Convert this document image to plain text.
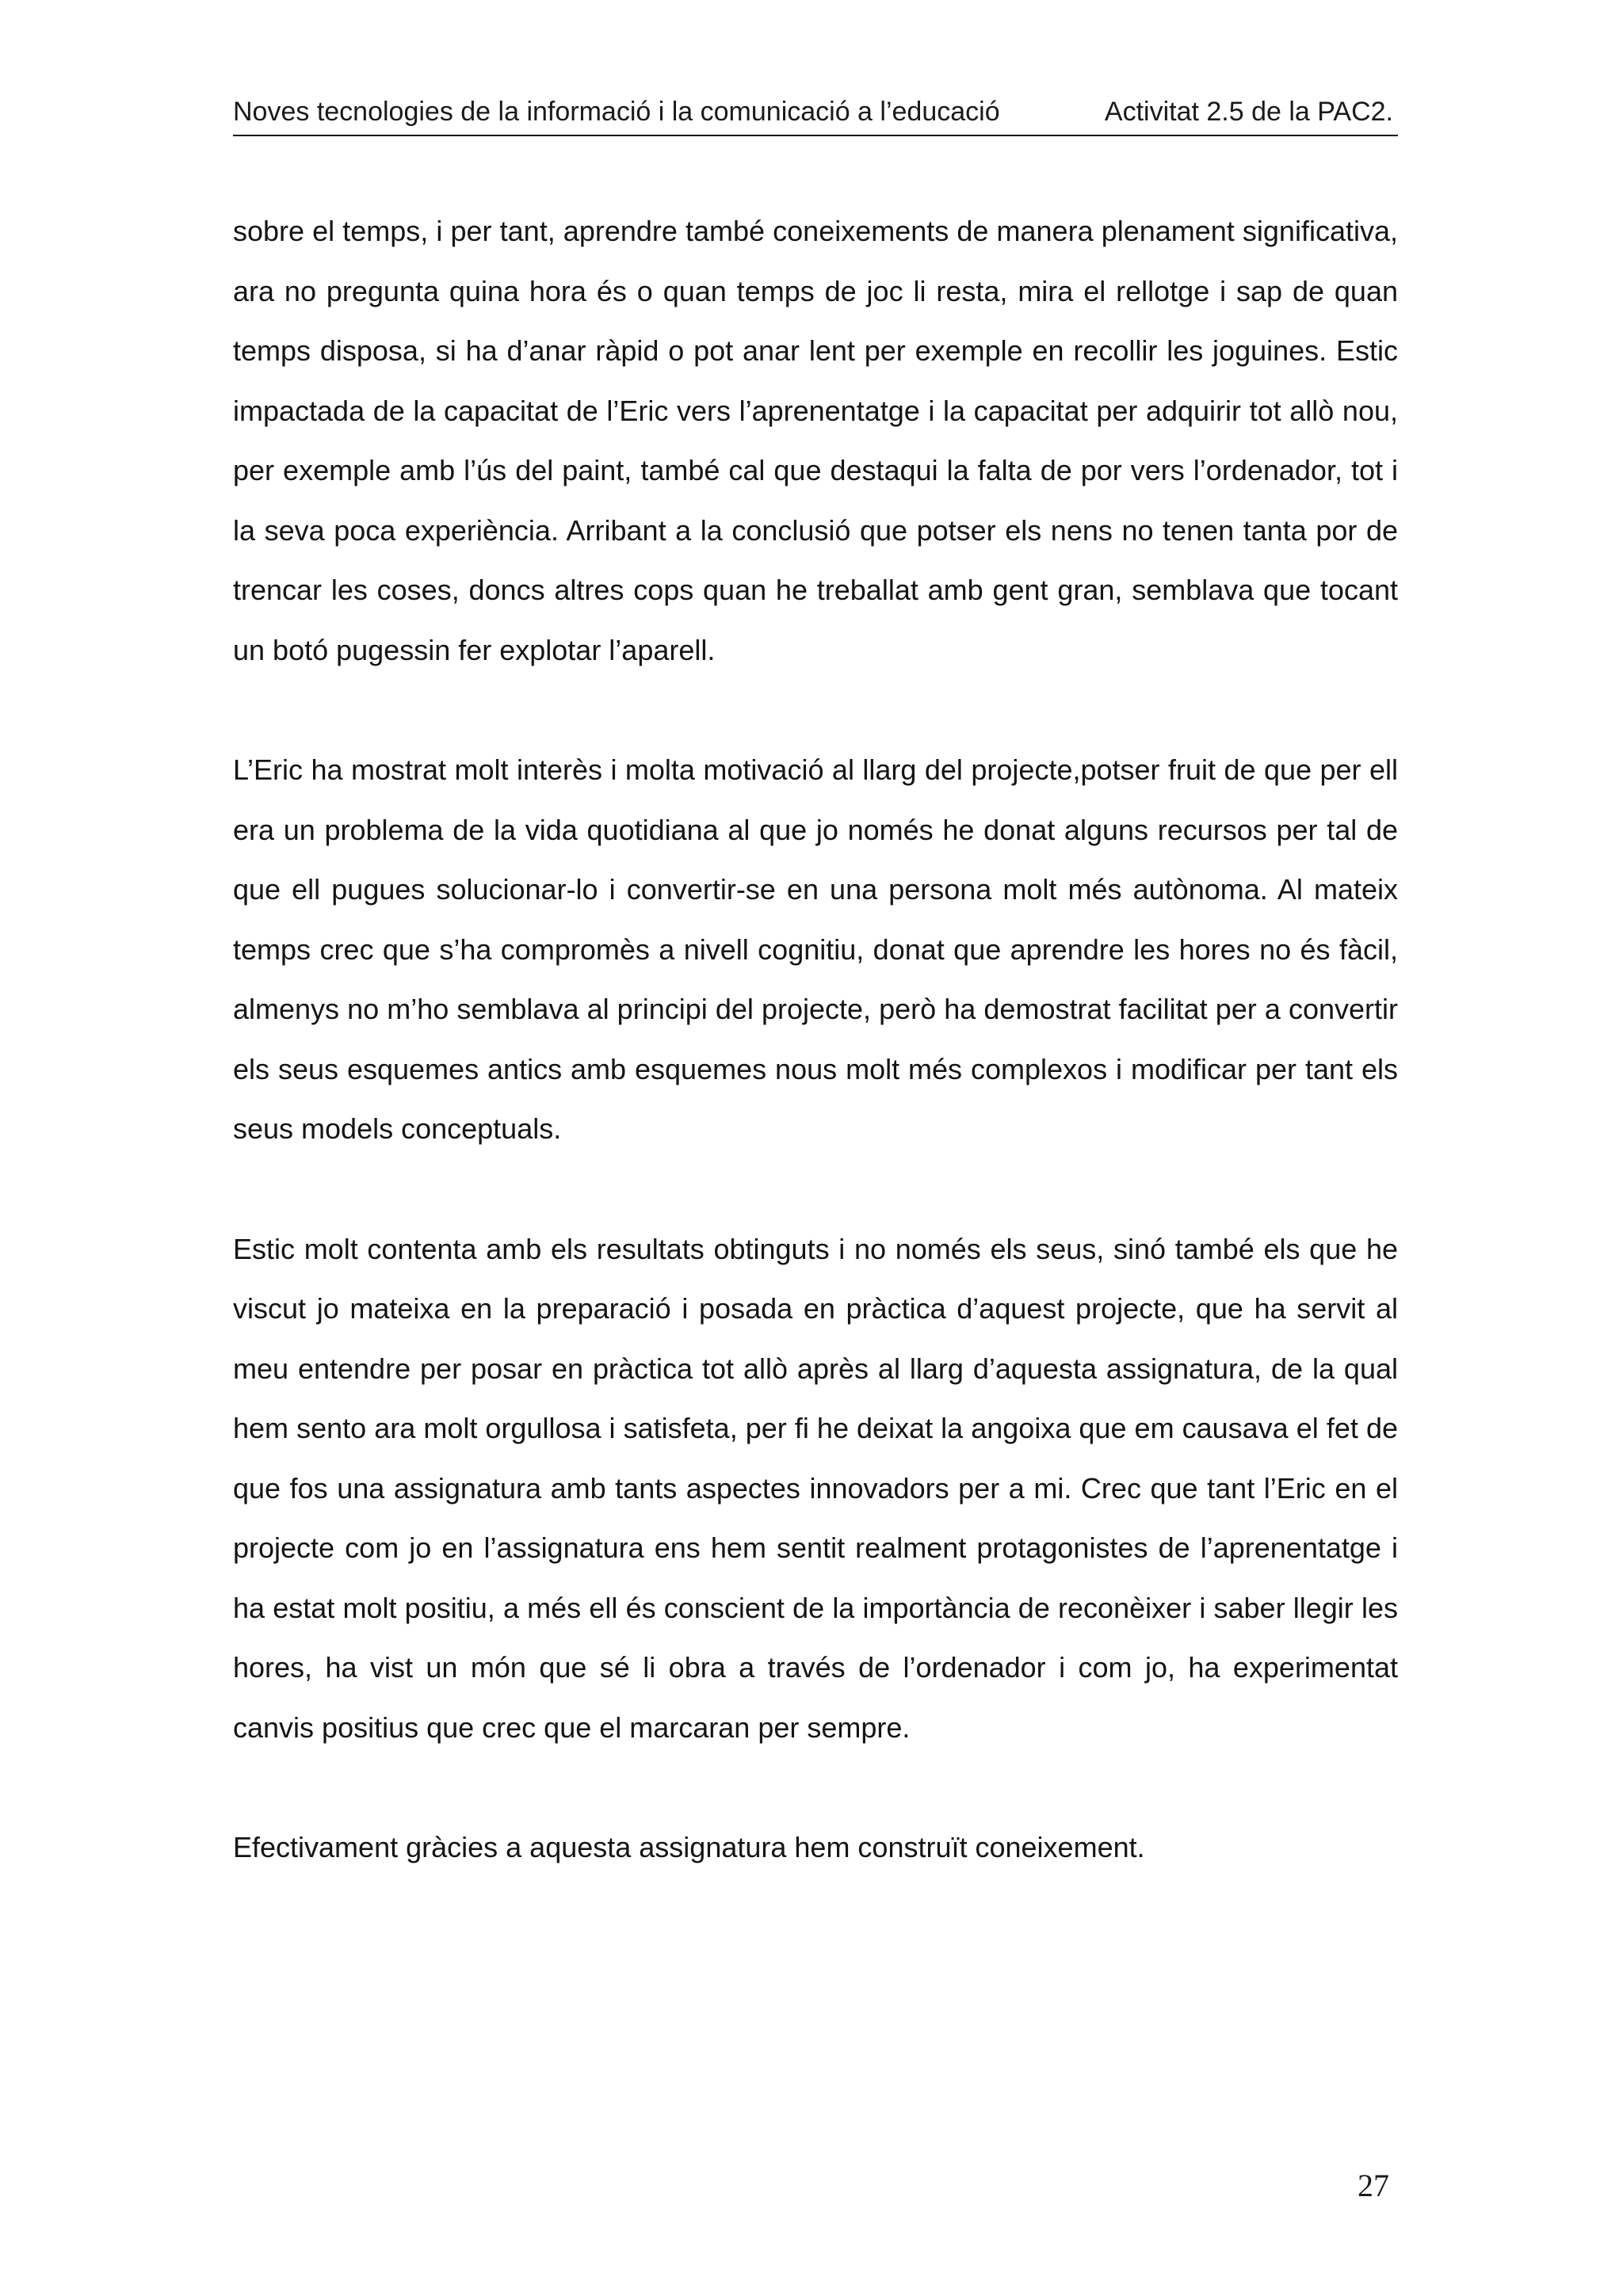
Noves tecnologies de la informació i la comunicació a l’educació	Activitat 2.5 de la PAC2.

sobre el temps, i per tant, aprendre també coneixements de manera plenament significativa, ara no pregunta quina hora és o quan temps de joc li resta, mira el rellotge i sap de quan temps disposa, si ha d’anar ràpid o pot anar lent per exemple en recollir les joguines. Estic impactada de la capacitat de l’Eric vers l’aprenentatge i la capacitat per adquirir tot allò nou, per exemple amb l’ús del paint, també cal que destaqui la falta de por vers l’ordenador, tot i la seva poca experiència. Arribant a la conclusió que potser els nens no tenen tanta por de trencar les coses, doncs altres cops quan he treballat amb gent gran, semblava que tocant un botó pugessin fer explotar l’aparell.

L’Eric ha mostrat molt interès i molta motivació al llarg del projecte,potser fruit de que per ell era un problema de la vida quotidiana al que jo només he donat alguns recursos per tal de que ell pugues solucionar-lo i convertir-se en una persona molt més autònoma. Al mateix temps crec que s’ha compromès a nivell cognitiu, donat que aprendre les hores no és fàcil, almenys no m’ho semblava al principi del projecte, però ha demostrat facilitat per a convertir els seus esquemes antics amb esquemes nous molt més complexos i modificar per tant els seus models conceptuals.

Estic molt contenta amb els resultats obtinguts i no només els seus, sinó també els que he viscut jo mateixa en la preparació i posada en pràctica d’aquest projecte, que ha servit al meu entendre per posar en pràctica tot allò après al llarg d’aquesta assignatura, de la qual hem sento ara molt orgullosa i satisfeta, per fi he deixat la angoixa que em causava el fet de que fos una assignatura amb tants aspectes innovadors per a mi. Crec que tant l’Eric en el projecte com jo en l’assignatura ens hem sentit realment protagonistes de l’aprenentatge i ha estat molt positiu, a més ell és conscient de la importància de reconèixer i saber llegir les hores, ha vist un món que sé li obra a través de l’ordenador i com jo, ha experimentat canvis positius que crec que el marcaran per sempre.

Efectivament gràcies a aquesta assignatura hem construït coneixement.

27
